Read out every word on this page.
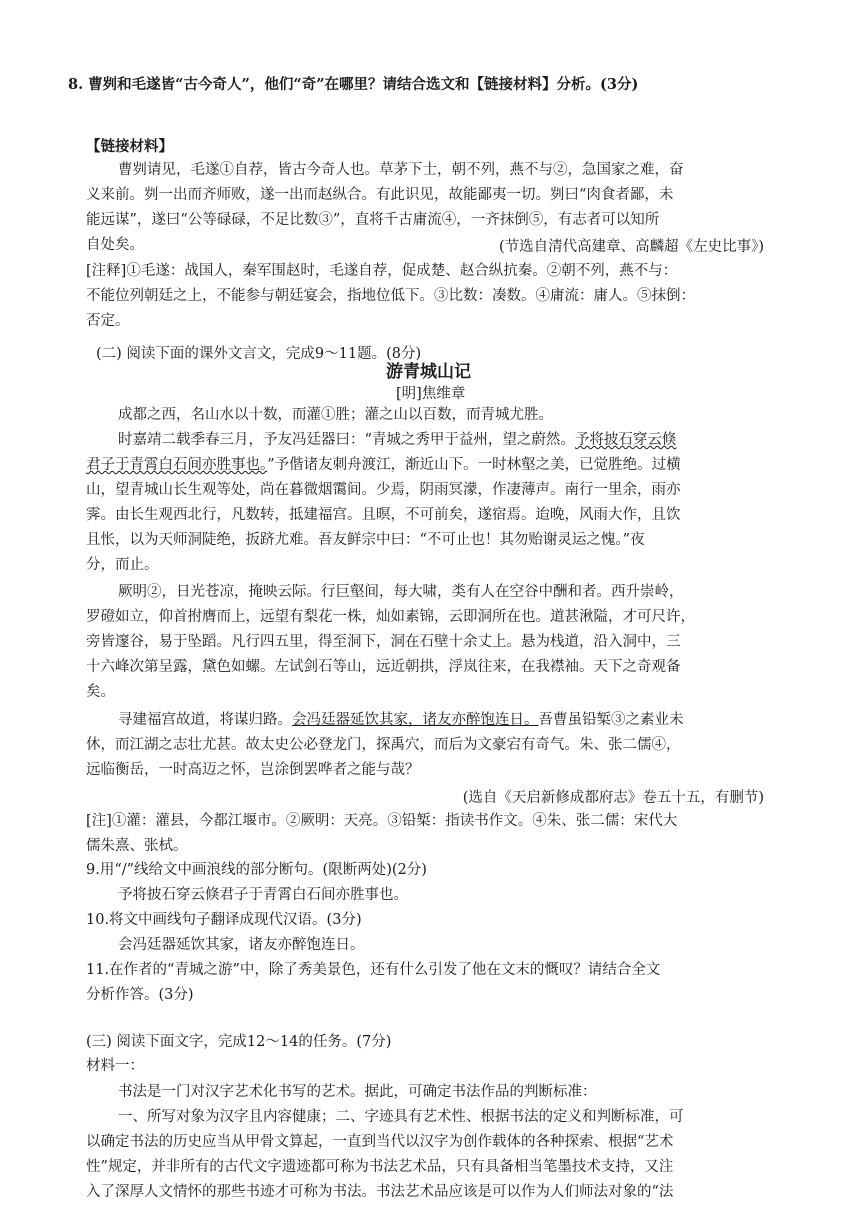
8. 曹刿和毛遂皆“古今奇人”，他们“奇”在哪里？请结合选文和【链接材料】分析。(3分)
【链接材料】
曹刿请见，毛遂①自荐，皆古今奇人也。草茅下士，朝不列，燕不与②，急国家之难，奋
义来前。刿一出而齐师败，遂一出而赵纵合。有此识见，故能鄙夷一切。刿曰“肉食者鄙，未
能远谋”，遂曰“公等碌碌，不足比数③”，直将千古庸流④，一齐抹倒⑤，有志者可以知所
自处矣。	(节选自清代高建章、高麟超《左史比事》)
[注释]①毛遂：战国人，秦军围赵时，毛遂自荐，促成楚、赵合纵抗秦。②朝不列，燕不与：
不能位列朝廷之上，不能参与朝廷宴会，指地位低下。③比数：凑数。④庸流：庸人。⑤抹倒：
否定。
(二) 阅读下面的课外文言文，完成9～11题。(8分)
游青城山记
[明]焦维章
成都之西，名山水以十数，而灌①胜；灌之山以百数，而青城尤胜。
时嘉靖二载季春三月，予友冯廷器曰：“青城之秀甲于益州，望之蔚然。予将披石穿云倏
君子于青霄白石间亦胜事也。”予偕诸友刺舟渡江，渐近山下。一时林壑之美，已觉胜绝。过横
山，望青城山长生观等处，尚在暮微烟霭间。少焉，阴雨冥濛，作凄薄声。南行一里余，雨亦
霁。由长生观西北行，凡数转，抵建福宫。且暝，不可前矣，遂宿焉。迨晚，风雨大作，且饮
且怅，以为天师洞陡绝，扳跻尤难。吾友鲜宗中曰：“不可止也！其勿贻谢灵运之愧。”夜
分，而止。
厥明②，日光苍凉，掩映云际。行巨壑间，每大啸，类有人在空谷中酬和者。西升崇岭，
罗磴如立，仰首拊膺而上，远望有梨花一株，灿如素锦，云即洞所在也。道甚湫隘，才可尺许，
旁皆邃谷，易于坠蹈。凡行四五里，得至洞下，洞在石壁十余丈上。悬为栈道，沿入洞中，三
十六峰次第呈露，黛色如螺。左试剑石等山，远近朝拱，浮岚往来，在我襟袖。天下之奇观备
矣。
寻建福宫故道，将谋归路。会冯廷器延饮其家，诸友亦醉饱连日。吾曹虽铅椠③之素业未
休，而江湖之志壮尤甚。故太史公必登龙门，探禹穴，而后为文豪宕有奇气。朱、张二儒④，
远临衡岳，一时高迈之怀，岂涂倒罢哗者之能与哉？
(选自《天启新修成都府志》卷五十五，有删节)
[注]①灌：灌县，今都江堰市。②厥明：天亮。③铅椠：指读书作文。④朱、张二儒：宋代大
儒朱熹、张栻。
9.用“/”线给文中画浪线的部分断句。(限断两处)(2分)
予将披石穿云倏君子于青霄白石间亦胜事也。
10.将文中画线句子翻译成现代汉语。(3分)
会冯廷器延饮其家，诸友亦醉饱连日。
11.在作者的“青城之游”中，除了秀美景色，还有什么引发了他在文末的慨叹？请结合全文
分析作答。(3分)
(三) 阅读下面文字，完成12～14的任务。(7分)
材料一：
书法是一门对汉字艺术化书写的艺术。据此，可确定书法作品的判断标准：
一、所写对象为汉字且内容健康；二、字迹具有艺术性、根据书法的定义和判断标准，可
以确定书法的历史应当从甲骨文算起，一直到当代以汉字为创作载体的各种探索、根据“艺术
性”规定，并非所有的古代文字遗迹都可称为书法艺术品，只有具备相当笔墨技术支持，又注
入了深厚人文情怀的那些书迹才可称为书法。书法艺术品应该是可以作为人们师法对象的“法
